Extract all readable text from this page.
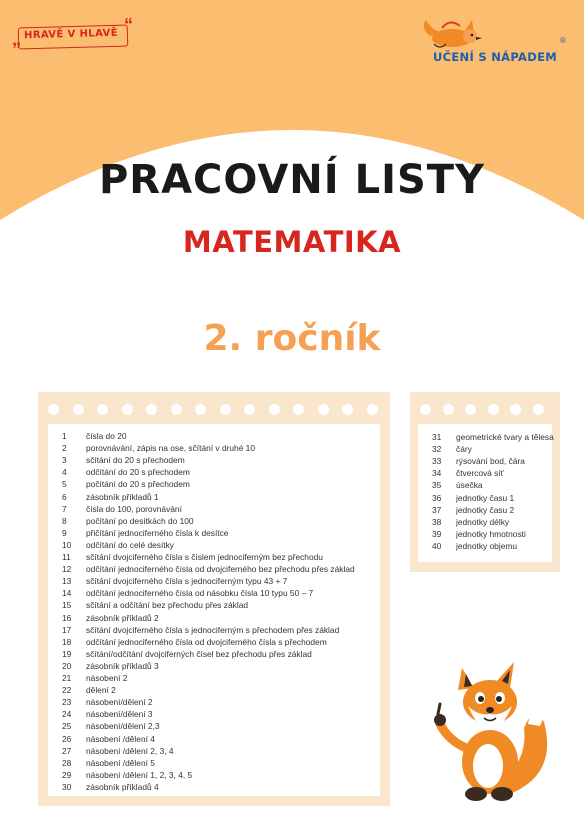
„ HRAVĚ V HLAVĚ “
UČENÍ S NÁPADEM
®
PRACOVNÍ LISTY
MATEMATIKA
2. ročník
1	čísla do 20
2	porovnávání, zápis na ose, sčítání v druhé 10
3	sčítání do 20 s přechodem
4	odčítání do 20 s přechodem
5	počítání do 20 s přechodem
6	zásobník příkladů 1
7	čísla do 100, porovnávání
8	počítání po desítkách do 100
9	přičítání jednociferného čísla k desítce
10	odčítání do celé desítky
11	sčítání dvojciferného čísla s číslem jednociferným bez přechodu
12	odčítání jednociferného čísla od dvojciferného bez přechodu přes základ
13	sčítání dvojciferného čísla s jednociferným typu 43 + 7
14	odčítání jednociferného čísla od násobku čísla 10 typu 50 – 7
15	sčítání a odčítání bez přechodu přes základ
16	zásobník příkladů 2
17	sčítání dvojciferného čísla s jednociferným s přechodem přes základ
18	odčítání jednociferného čísla od dvojciferného čísla s přechodem
19	sčítání/odčítání dvojciferných čísel bez přechodu přes základ
20	zásobník příkladů 3
21	násobení 2
22	dělení 2
23	násobení/dělení 2
24	násobení/dělení 3
25	násobení/dělení 2,3
26	násobení /dělení 4
27	násobení /dělení 2, 3, 4
28	násobení /dělení 5
29	násobení /dělení 1, 2, 3, 4, 5
30	zásobník příkladů 4
31	geometrické tvary a tělesa
32	čáry
33	rýsování bod, čára
34	čtvercová síť
35	úsečka
36	jednotky času 1
37	jednotky času 2
38	jednotky délky
39	jednotky hmotnosti
40	jednotky objemu
